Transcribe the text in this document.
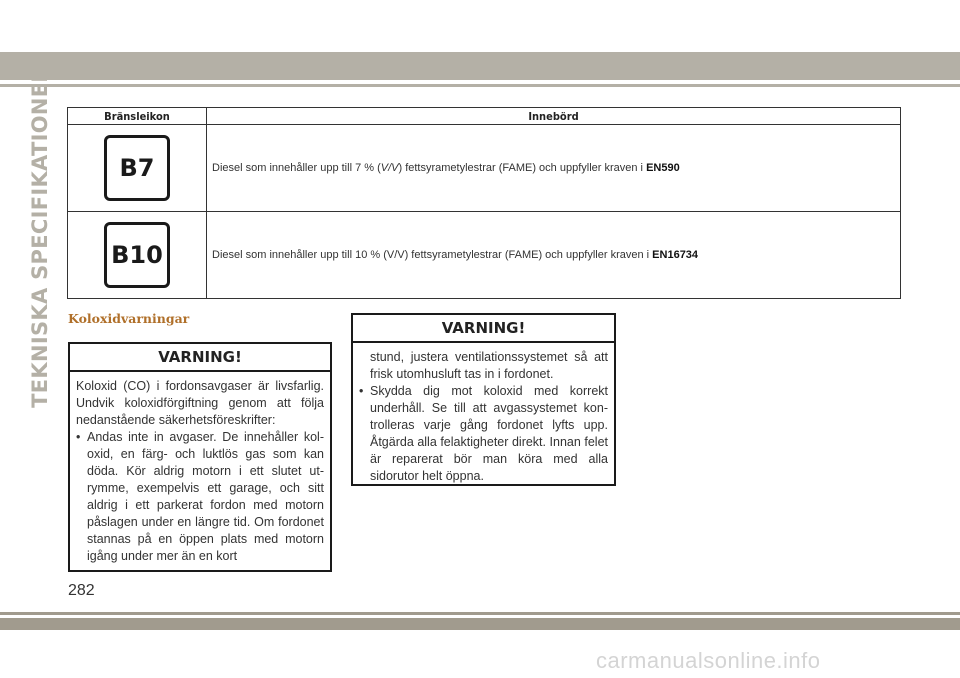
TEKNISKA SPECIFIKATIONER	Bränsleikon	Innebörd
B7	Diesel som innehåller upp till 7 % (V/V) fettsyrametylestrar (FAME) och uppfyller kraven i EN590
B10	Diesel som innehåller upp till 10 % (V/V) fettsyrametylestrar (FAME) och uppfyller kraven i EN16734
Koloxidvarningar
VARNING!

Koloxid (CO) i fordonsavgaser är livsfarlig. Undvik koloxidförgiftning genom att följa nedanstående säkerhetsföreskrifter:

• Andas inte in avgaser. De innehåller kol-oxid, en färg- och luktlös gas som kan döda. Kör aldrig motorn i ett slutet ut-rymme, exempelvis ett garage, och sitt aldrig i ett parkerat fordon med motorn påslagen under en längre tid. Om fordonet stannas på en öppen plats med motorn igång under mer än en kort
VARNING!

stund, justera ventilationssystemet så att frisk utomhusluft tas in i fordonet.

• Skydda dig mot koloxid med korrekt underhåll. Se till att avgassystemet kon-trolleras varje gång fordonet lyfts upp. Åtgärda alla felaktigheter direkt. Innan felet är reparerat bör man köra med alla sidorutor helt öppna.
282
carmanualsonline.info
